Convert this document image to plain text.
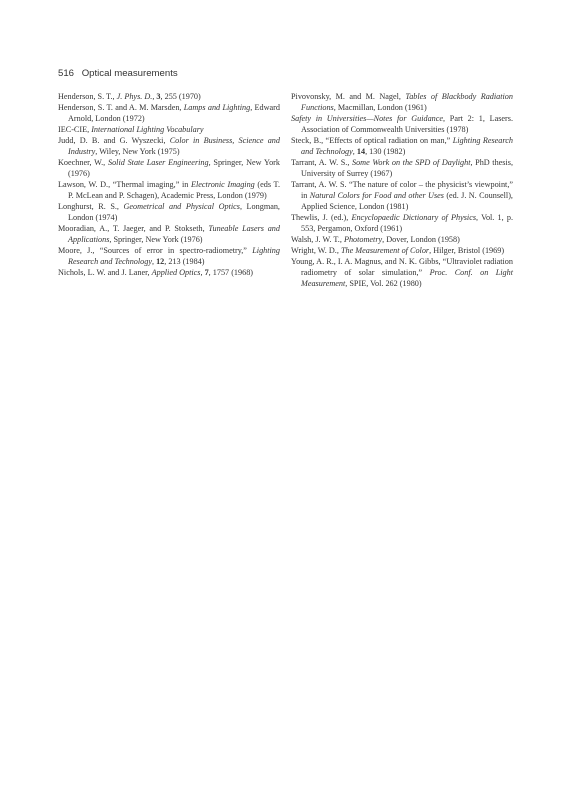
516 Optical measurements

Henderson, S. T., J. Phys. D., 3, 255 (1970)

Henderson, S. T. and A. M. Marsden, Lamps and Lighting, Edward Arnold, London (1972)

IEC-CIE, International Lighting Vocabulary

Judd, D. B. and G. Wyszecki, Color in Business, Science and Industry, Wiley, New York (1975)

Koechner, W., Solid State Laser Engineering, Springer, New York (1976)

Lawson, W. D., “Thermal imaging,” in Electronic Imaging (eds T. P. McLean and P. Schagen), Academic Press, London (1979)

Longhurst, R. S., Geometrical and Physical Optics, Longman, London (1974)

Mooradian, A., T. Jaeger, and P. Stokseth, Tuneable Lasers and Applications, Springer, New York (1976)

Moore, J., “Sources of error in spectro-radiometry,” Lighting Research and Technology, 12, 213 (1984)

Nichols, L. W. and J. Laner, Applied Optics, 7, 1757 (1968)

Pivovonsky, M. and M. Nagel, Tables of Blackbody Radiation Functions, Macmillan, London (1961)

Safety in Universities—Notes for Guidance, Part 2: 1, Lasers. Association of Commonwealth Universities (1978)

Steck, B., “Effects of optical radiation on man,” Lighting Research and Technology, 14, 130 (1982)

Tarrant, A. W. S., Some Work on the SPD of Daylight, PhD thesis, University of Surrey (1967)

Tarrant, A. W. S. “The nature of color – the physicist’s viewpoint,” in Natural Colors for Food and other Uses (ed. J. N. Counsell), Applied Science, London (1981)

Thewlis, J. (ed.), Encyclopaedic Dictionary of Physics, Vol. 1, p. 553, Pergamon, Oxford (1961)

Walsh, J. W. T., Photometry, Dover, London (1958)

Wright, W. D., The Measurement of Color, Hilger, Bristol (1969)

Young, A. R., I. A. Magnus, and N. K. Gibbs, “Ultraviolet radiation radiometry of solar simulation,” Proc. Conf. on Light Measurement, SPIE, Vol. 262 (1980)
